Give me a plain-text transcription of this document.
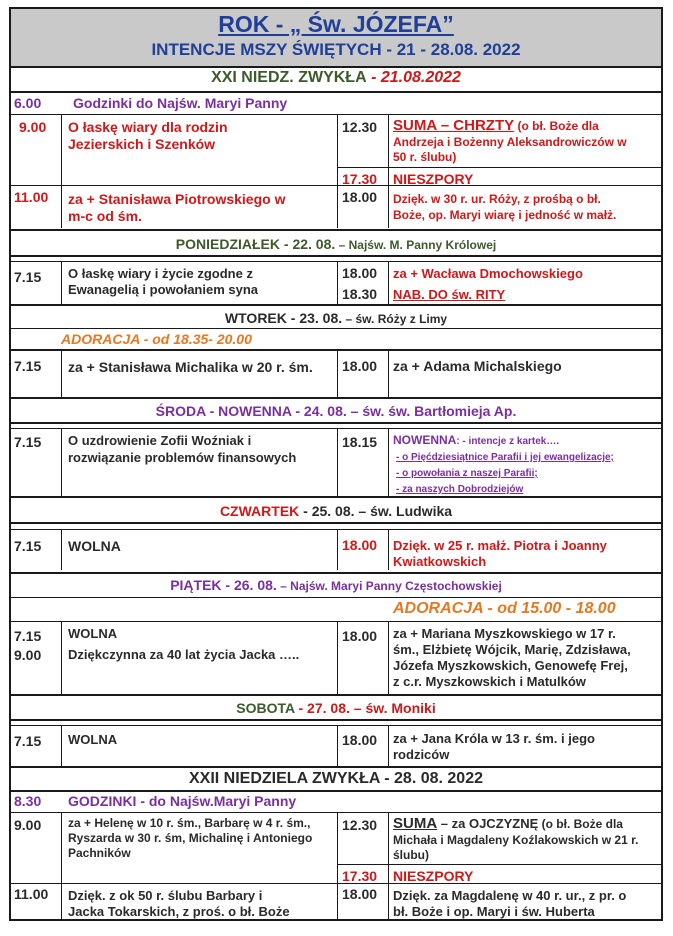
ROK - „ Św. JÓZEFA”
INTENCJE MSZY ŚWIĘTYCH - 21 - 28.08. 2022
XXI NIEDZ. ZWYKŁA - 21.08.2022
6.00 Godzinki do Najśw. Maryi Panny
9.00 O łaskę wiary dla rodzin
Jezierskich i Szenków
12.30 SUMA – CHRZTY (o bł. Boże dla
Andrzeja i Bożenny Aleksandrowiczów w
50 r. ślubu)
17.30 NIESZPORY
11.00 za + Stanisława Piotrowskiego w
m-c od śm.
18.00 Dzięk. w 30 r. ur. Róży, z prośbą o bł.
Boże, op. Maryi wiarę i jedność w małż.
PONIEDZIAŁEK - 22. 08. – Najśw. M. Panny Królowej
7.15 O łaskę wiary i życie zgodne z
Ewanagelią i powołaniem syna
18.00 za + Wacława Dmochowskiego
18.30 NAB. DO św. RITY
WTOREK - 23. 08. – św. Róży z Limy
ADORACJA - od 18.35- 20.00
7.15 za + Stanisława Michalika w 20 r. śm. 18.00 za + Adama Michalskiego
ŚRODA - NOWENNA - 24. 08. – św. św. Bartłomieja Ap.
7.15 O uzdrowienie Zofii Woźniak i
rozwiązanie problemów finansowych
18.15 NOWENNA: - intencje z kartek….
- o Pięćdziesiątnice Parafii i jej ewangelizacje;
- o powołania z naszej Parafii;
- za naszych Dobrodziejów
CZWARTEK - 25. 08. – św. Ludwika
7.15 WOLNA	18.00 Dzięk. w 25 r. małż. Piotra i Joanny
Kwiatkowskich
PIĄTEK - 26. 08. – Najśw. Maryi Panny Częstochowskiej
ADORACJA - od 15.00 - 18.00
7.15 WOLNA
9.00 Dziękczynna za 40 lat życia Jacka …..
18.00 za + Mariana Myszkowskiego w 17 r.
śm., Elżbietę Wójcik, Marię, Zdzisława,
Józefa Myszkowskich, Genowefę Frej,
z c.r. Myszkowskich i Matulków
SOBOTA - 27. 08. – św. Moniki
7.15 WOLNA	18.00 za + Jana Króla w 13 r. śm. i jego
rodziców
XXII NIEDZIELA ZWYKŁA - 28. 08. 2022
8.30 GODZINKI - do Najśw.Maryi Panny
9.00 za + Helenę w 10 r. śm., Barbarę w 4 r. śm.,
Ryszarda w 30 r. śm, Michalinę i Antoniego
Pachników
12.30 SUMA – za OJCZYZNĘ (o bł. Boże dla
Michała i Magdaleny Koźlakowskich w 21 r.
ślubu)
17.30 NIESZPORY
11.00 Dzięk. z ok 50 r. ślubu Barbary i
Jacka Tokarskich, z proś. o bł. Boże
18.00 Dzięk. za Magdalenę w 40 r. ur., z pr. o
bł. Boże i op. Maryi i św. Huberta
